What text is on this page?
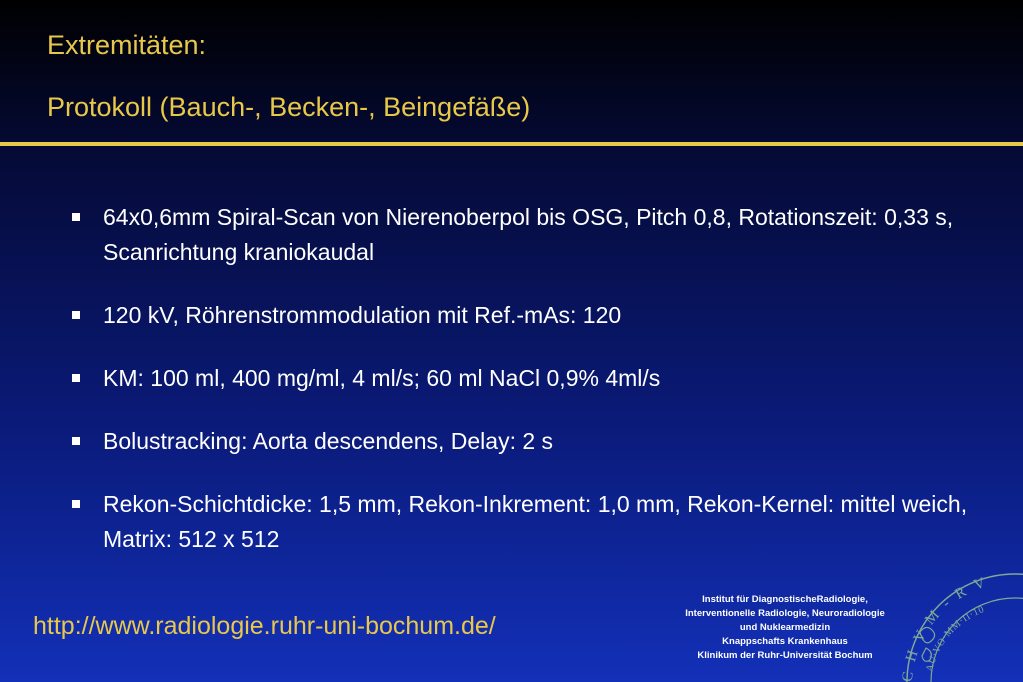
Extremitäten:
Protokoll (Bauch-, Becken-, Beingefäße)
64x0,6mm Spiral-Scan von Nierenoberpol bis OSG, Pitch 0,8, Rotationszeit: 0,33 s, Scanrichtung kraniokaudal
120 kV, Röhrenstrommodulation mit Ref.-mAs: 120
KM: 100 ml, 400 mg/ml, 4 ml/s; 60 ml NaCl 0,9% 4ml/s
Bolustracking: Aorta descendens, Delay: 2 s
Rekon-Schichtdicke: 1,5 mm, Rekon-Inkrement: 1,0 mm, Rekon-Kernel: mittel weich, Matrix: 512 x 512
http://www.radiologie.ruhr-uni-bochum.de/
Institut für DiagnostischeRadiologie,
Interventionelle Radiologie, Neuroradiologie
und Nuklearmedizin
Knappschafts Krankenhaus
Klinikum der Ruhr-Universität Bochum
C H V M - R V
AU·VO·MM·II·10
